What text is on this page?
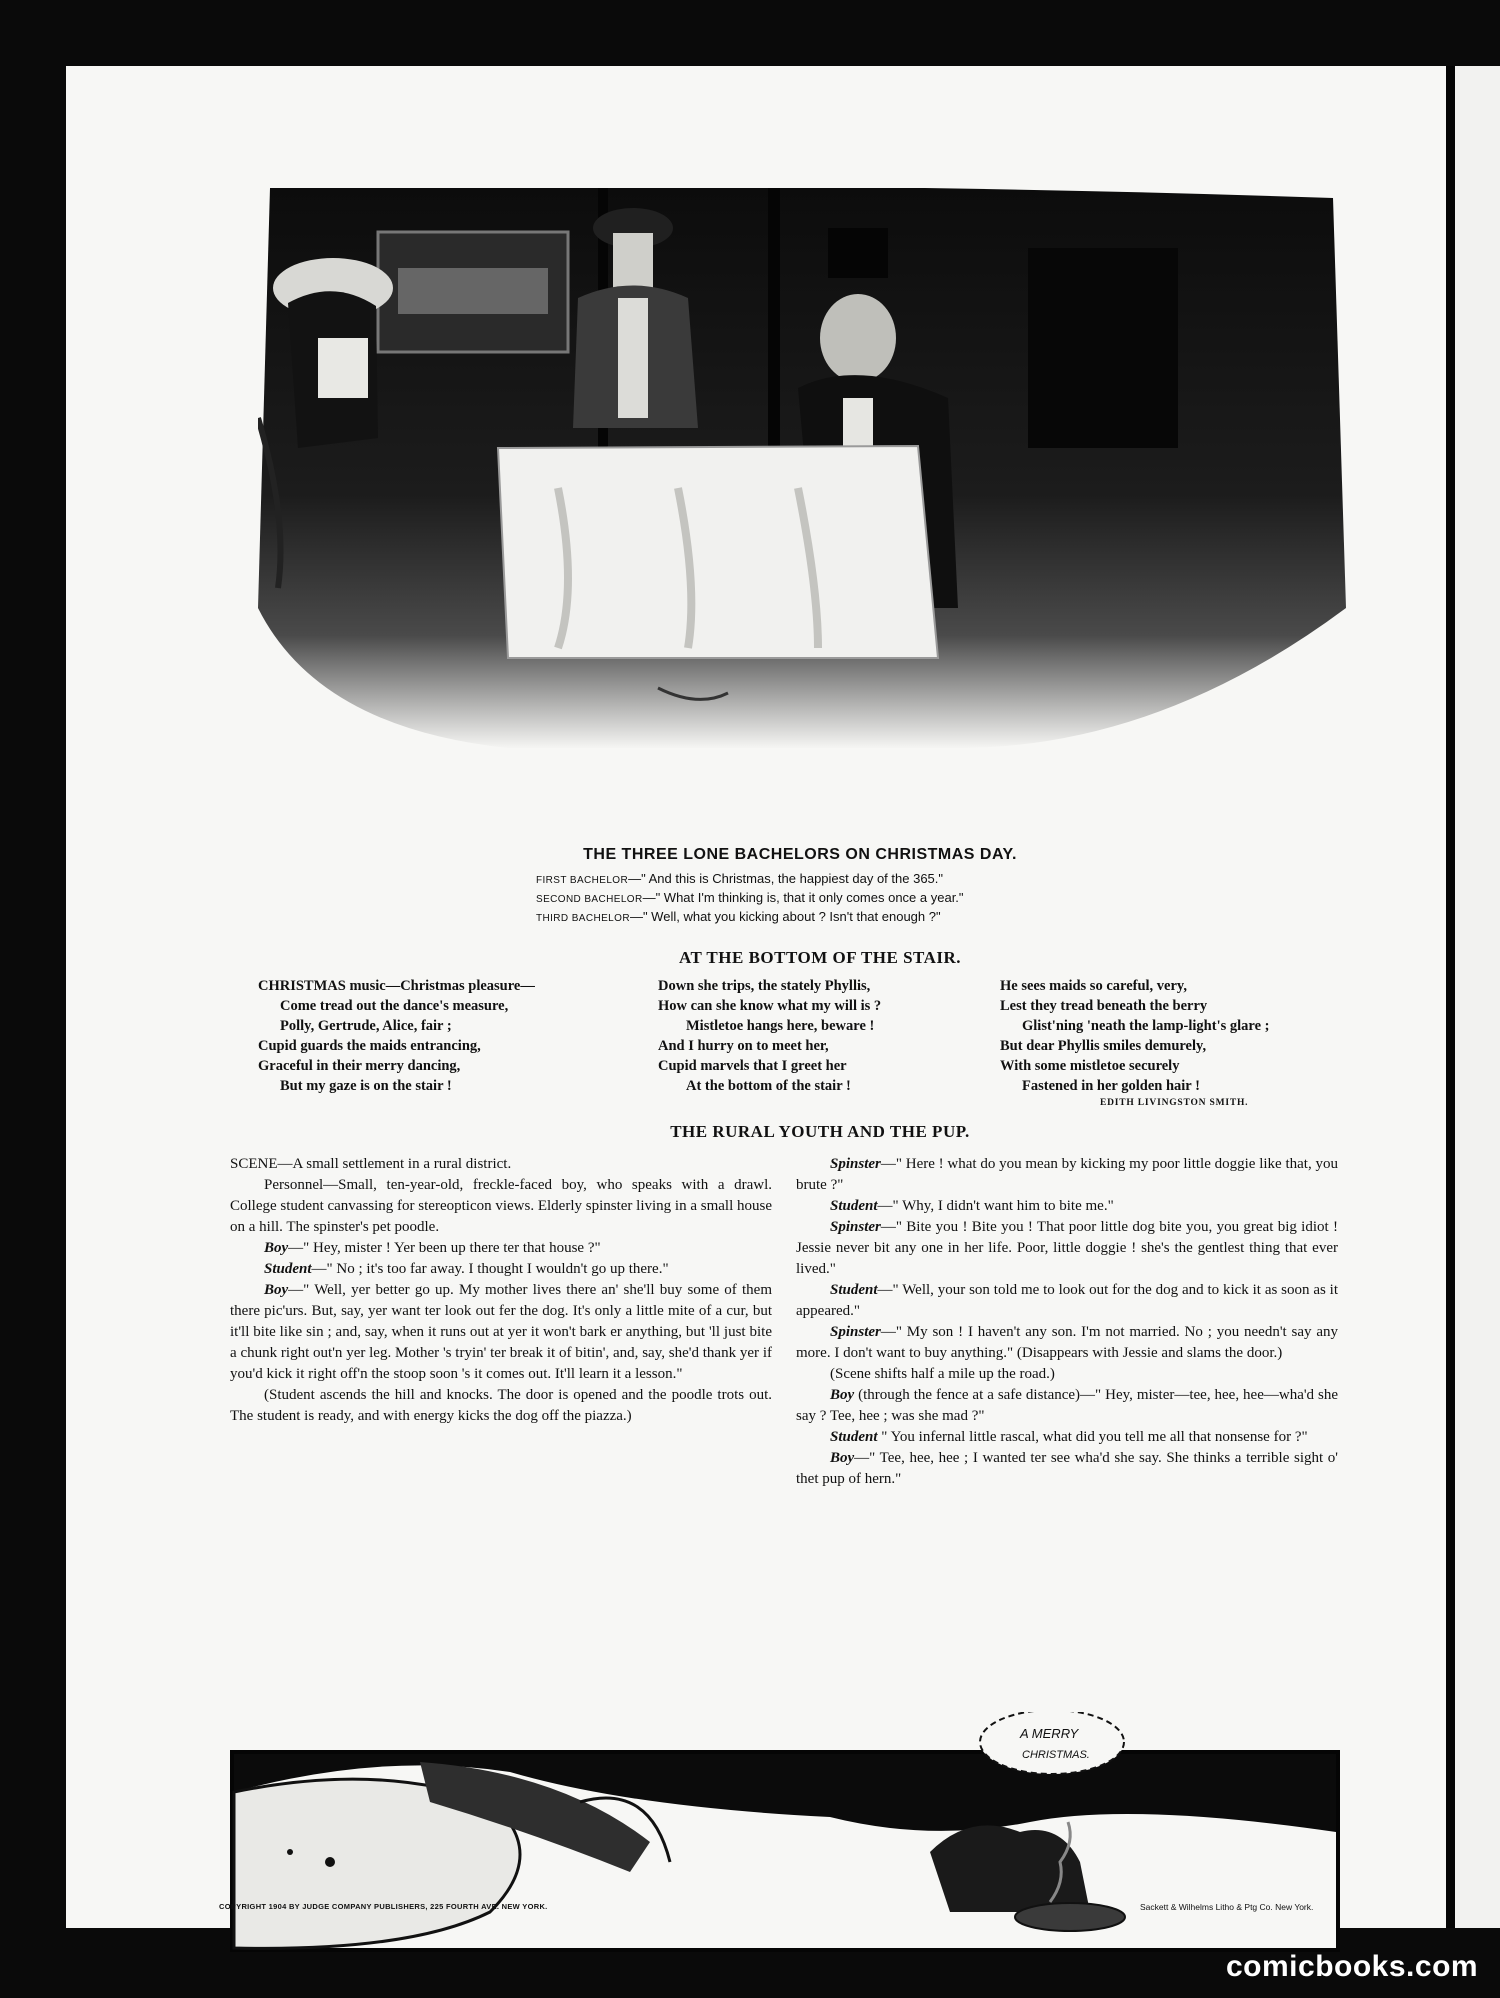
THE THREE LONE BACHELORS ON CHRISTMAS DAY.
FIRST BACHELOR—" And this is Christmas, the happiest day of the 365."
SECOND BACHELOR—" What I'm thinking is, that it only comes once a year."
THIRD BACHELOR—" Well, what you kicking about ? Isn't that enough ?"
AT THE BOTTOM OF THE STAIR.
CHRISTMAS music—Christmas pleasure—
Come tread out the dance's measure,
Polly, Gertrude, Alice, fair ;
Cupid guards the maids entrancing,
Graceful in their merry dancing,
But my gaze is on the stair !
Down she trips, the stately Phyllis,
How can she know what my will is ?
Mistletoe hangs here, beware !
And I hurry on to meet her,
Cupid marvels that I greet her
At the bottom of the stair !
He sees maids so careful, very,
Lest they tread beneath the berry
Glist'ning 'neath the lamp-light's glare ;
But dear Phyllis smiles demurely,
With some mistletoe securely
Fastened in her golden hair !
EDITH LIVINGSTON SMITH.
THE RURAL YOUTH AND THE PUP.

SCENE—A small settlement in a rural district.

Personnel—Small, ten-year-old, freckle-faced boy, who speaks with a drawl. College student canvassing for stereopticon views. Elderly spinster living in a small house on a hill. The spinster's pet poodle.

Boy—" Hey, mister ! Yer been up there ter that house ?"

Student—" No ; it's too far away. I thought I wouldn't go up there."

Boy—" Well, yer better go up. My mother lives there an' she'll buy some of them there pic'urs. But, say, yer want ter look out fer the dog. It's only a little mite of a cur, but it'll bite like sin ; and, say, when it runs out at yer it won't bark er anything, but 'll just bite a chunk right out'n yer leg. Mother 's tryin' ter break it of bitin', and, say, she'd thank yer if you'd kick it right off'n the stoop soon 's it comes out. It'll learn it a lesson."

(Student ascends the hill and knocks. The door is opened and the poodle trots out. The student is ready, and with energy kicks the dog off the piazza.)

Spinster—" Here ! what do you mean by kicking my poor little doggie like that, you brute ?"

Student—" Why, I didn't want him to bite me."

Spinster—" Bite you ! Bite you ! That poor little dog bite you, you great big idiot ! Jessie never bit any one in her life. Poor, little doggie ! she's the gentlest thing that ever lived."

Student—" Well, your son told me to look out for the dog and to kick it as soon as it appeared."

Spinster—" My son ! I haven't any son. I'm not married. No ; you needn't say any more. I don't want to buy anything." (Disappears with Jessie and slams the door.)

(Scene shifts half a mile up the road.)

Boy (through the fence at a safe distance)—" Hey, mister—tee, hee, hee—wha'd she say ? Tee, hee ; was she mad ?"

Student " You infernal little rascal, what did you tell me all that nonsense for ?"

Boy—" Tee, hee, hee ; I wanted ter see wha'd she say. She thinks a terrible sight o' thet pup of hern."

A MERRY
CHRISTMAS.
COPYRIGHT 1904 BY JUDGE COMPANY PUBLISHERS, 225 FOURTH AVE. NEW YORK.	Sackett & Wilhelms Litho & Ptg Co. New York.
comicbooks.com
